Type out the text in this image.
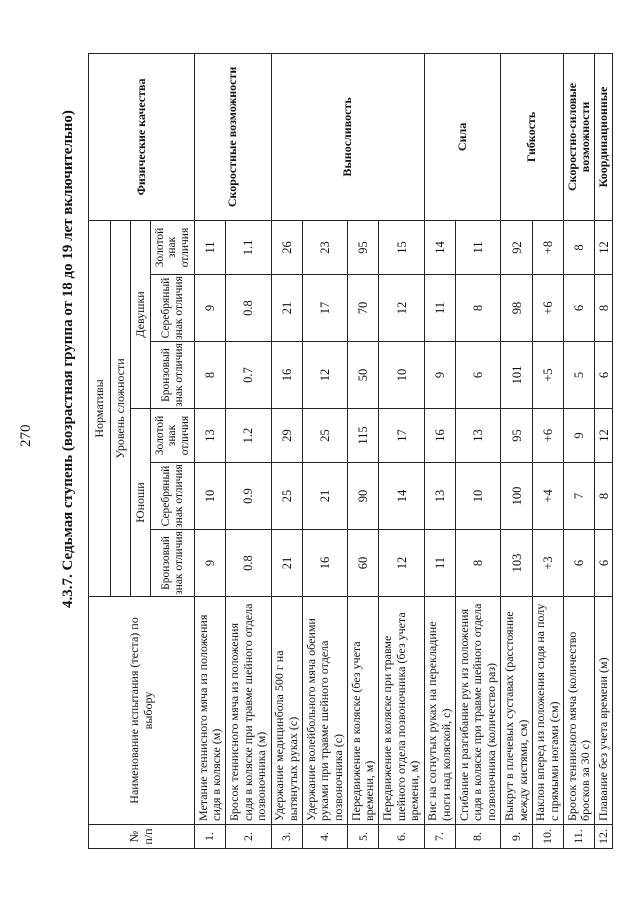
270 4.3.7. Седьмая ступень (возрастная группа от 18 до 19 лет включительно)
№ п/п	Наименование испытания (теста) по выбору	Нормативы						Физические качества
		Уровень сложности						
		Юноши			Девушки			
		Бронзовый знак отличия	Серебряный знак отличия	Золотой знак отличия	Бронзовый знак отличия	Серебряный знак отличия	Золотой знак отличия	
1.	Метание теннисного мяча из положения сидя в коляске (м)	9	10	13	8	9	11	Скоростные возможности
2.	Бросок теннисного мяча из положения сидя в коляске при травме шейного отдела позвоночника (м)	0.8	0.9	1.2	0.7	0.8	1.1	
3.	Удержание медицинбола 500 г на вытянутых руках (с)	21	25	29	16	21	26	Выносливость
4.	Удержание волейбольного мяча обеими руками при травме шейного отдела позвоночника (с)	16	21	25	12	17	23	
5.	Передвижение в коляске (без учета времени, м)	60	90	115	50	70	95	
6.	Передвижение в коляске при травме шейного отдела позвоночника (без учета времени, м)	12	14	17	10	12	15	
7.	Вис на согнутых руках на перекладине (ноги над коляской, с)	11	13	16	9	11	14	Сила
8.	Сгибание и разгибание рук из положения сидя в коляске при травме шейного отдела позвоночника (количество раз)	8	10	13	6	8	11	
9.	Выкрут в плечевых суставах (расстояние между кистями, см)	103	100	95	101	98	92	Гибкость
10.	Наклон вперед из положения сидя на полу с прямыми ногами (см)	+3	+4	+6	+5	+6	+8	
11.	Бросок теннисного мяча (количество бросков за 30 с)	6	7	9	5	6	8	Скоростно-силовые возможности
12.	Плавание без учета времени (м)	6	8	12	6	8	12	Координационные
